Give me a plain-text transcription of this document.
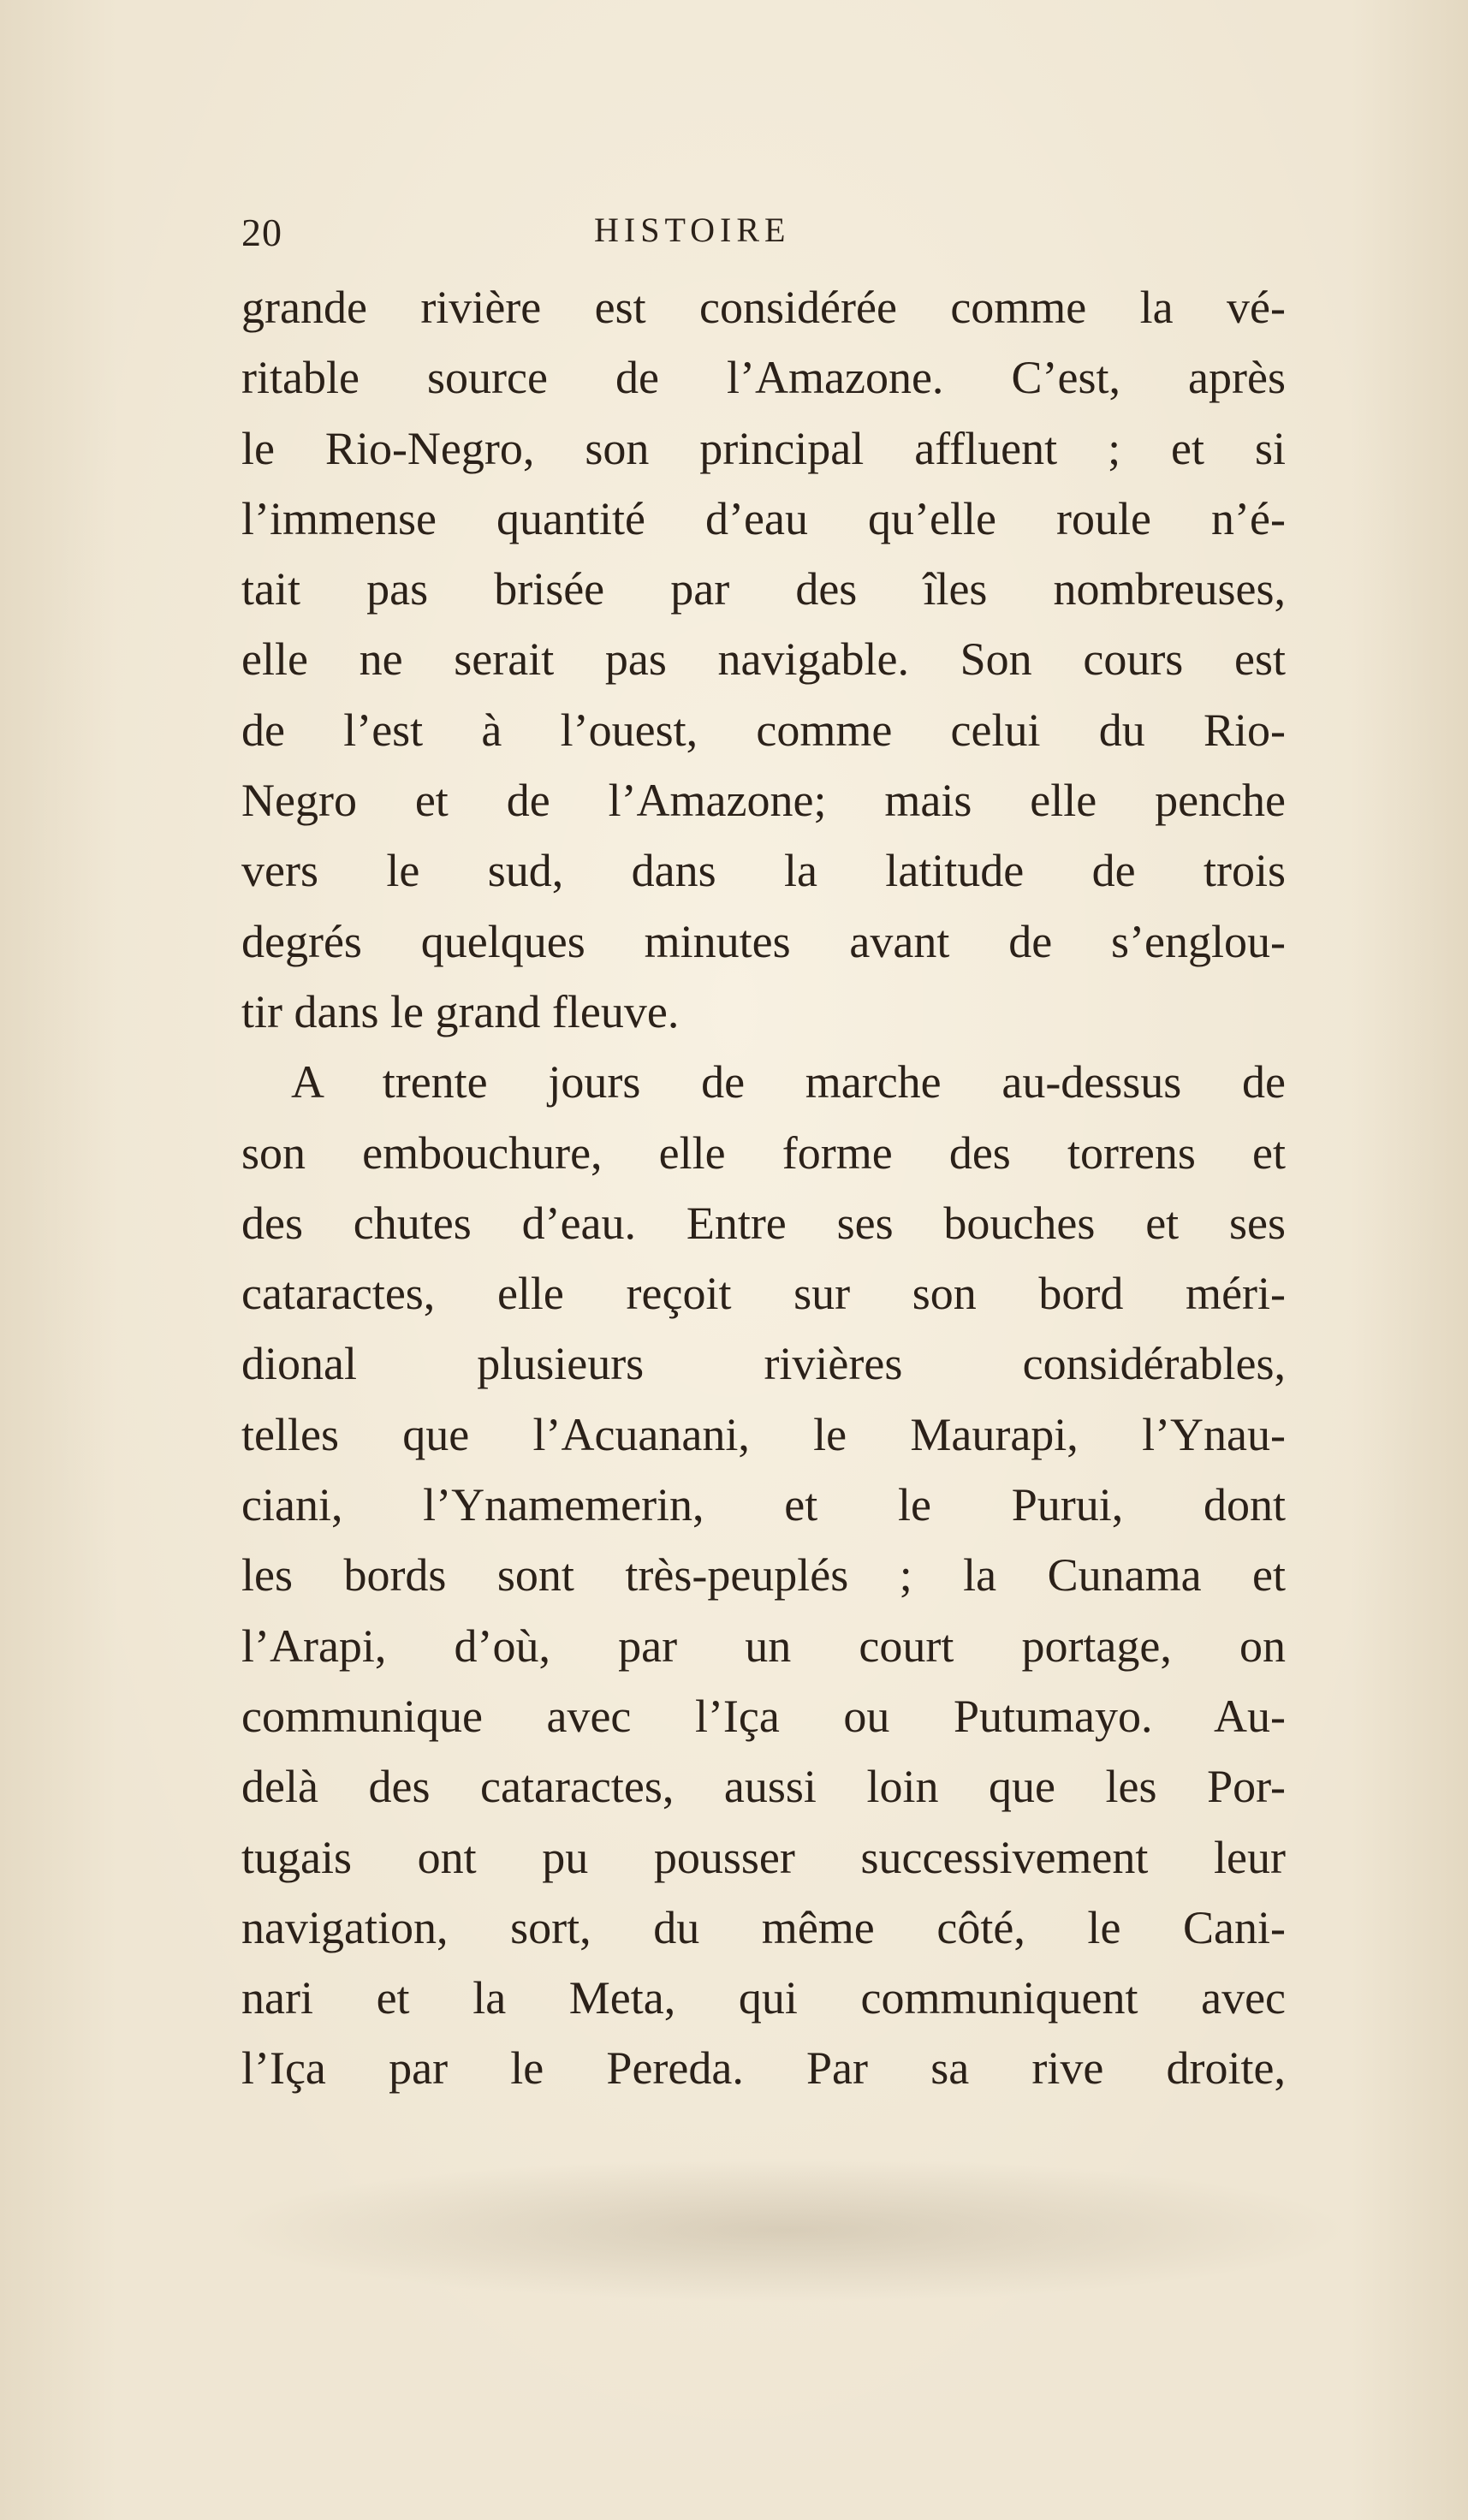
20	HISTOIRE
grande rivière est considérée comme la vé-
ritable source de l’Amazone. C’est, après
le Rio-Negro, son principal affluent ; et si
l’immense quantité d’eau qu’elle roule n’é-
tait pas brisée par des îles nombreuses,
elle ne serait pas navigable. Son cours est
de l’est à l’ouest, comme celui du Rio-
Negro et de l’Amazone; mais elle penche
vers le sud, dans la latitude de trois
degrés quelques minutes avant de s’englou-
tir dans le grand fleuve.
A trente jours de marche au-dessus de
son embouchure, elle forme des torrens et
des chutes d’eau. Entre ses bouches et ses
cataractes, elle reçoit sur son bord méri-
dional plusieurs rivières considérables,
telles que l’Acuanani, le Maurapi, l’Ynau-
ciani, l’Ynamemerin, et le Purui, dont
les bords sont très-peuplés ; la Cunama et
l’Arapi, d’où, par un court portage, on
communique avec l’Iça ou Putumayo. Au-
delà des cataractes, aussi loin que les Por-
tugais ont pu pousser successivement leur
navigation, sort, du même côté, le Cani-
nari et la Meta, qui communiquent avec
l’Iça par le Pereda. Par sa rive droite,
